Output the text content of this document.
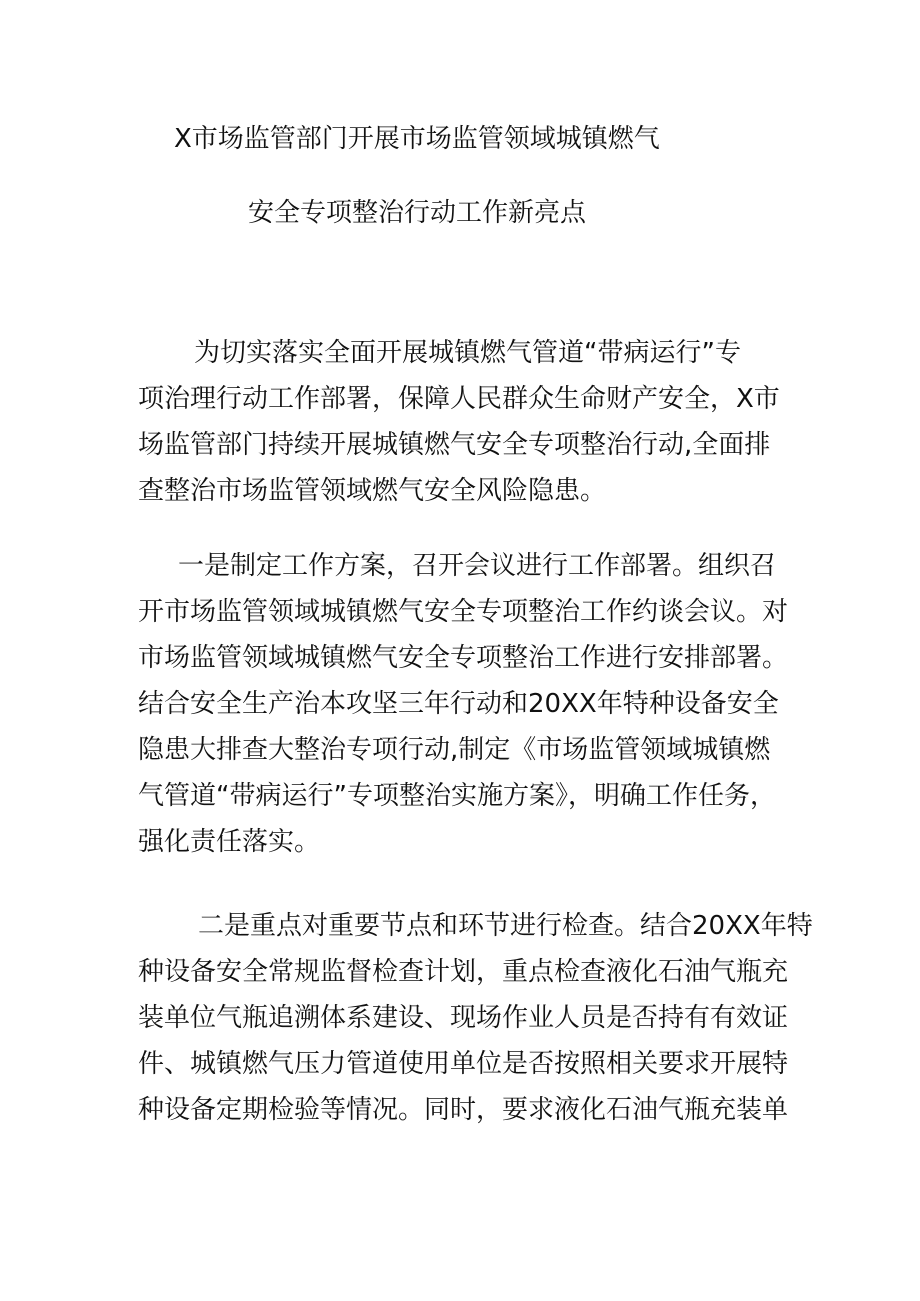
X市场监管部门开展市场监管领域城镇燃气
安全专项整治行动工作新亮点
为切实落实全面开展城镇燃气管道“带病运行”专
项治理行动工作部署，保障人民群众生命财产安全，X市
场监管部门持续开展城镇燃气安全专项整治行动,全面排
查整治市场监管领域燃气安全风险隐患。
一是制定工作方案，召开会议进行工作部署。组织召
开市场监管领域城镇燃气安全专项整治工作约谈会议。对
市场监管领域城镇燃气安全专项整治工作进行安排部署。
结合安全生产治本攻坚三年行动和20XX年特种设备安全
隐患大排查大整治专项行动,制定《市场监管领域城镇燃
气管道“带病运行”专项整治实施方案》，明确工作任务，
强化责任落实。
二是重点对重要节点和环节进行检查。结合20XX年特
种设备安全常规监督检查计划，重点检查液化石油气瓶充
装单位气瓶追溯体系建设、现场作业人员是否持有有效证
件、城镇燃气压力管道使用单位是否按照相关要求开展特
种设备定期检验等情况。同时，要求液化石油气瓶充装单
